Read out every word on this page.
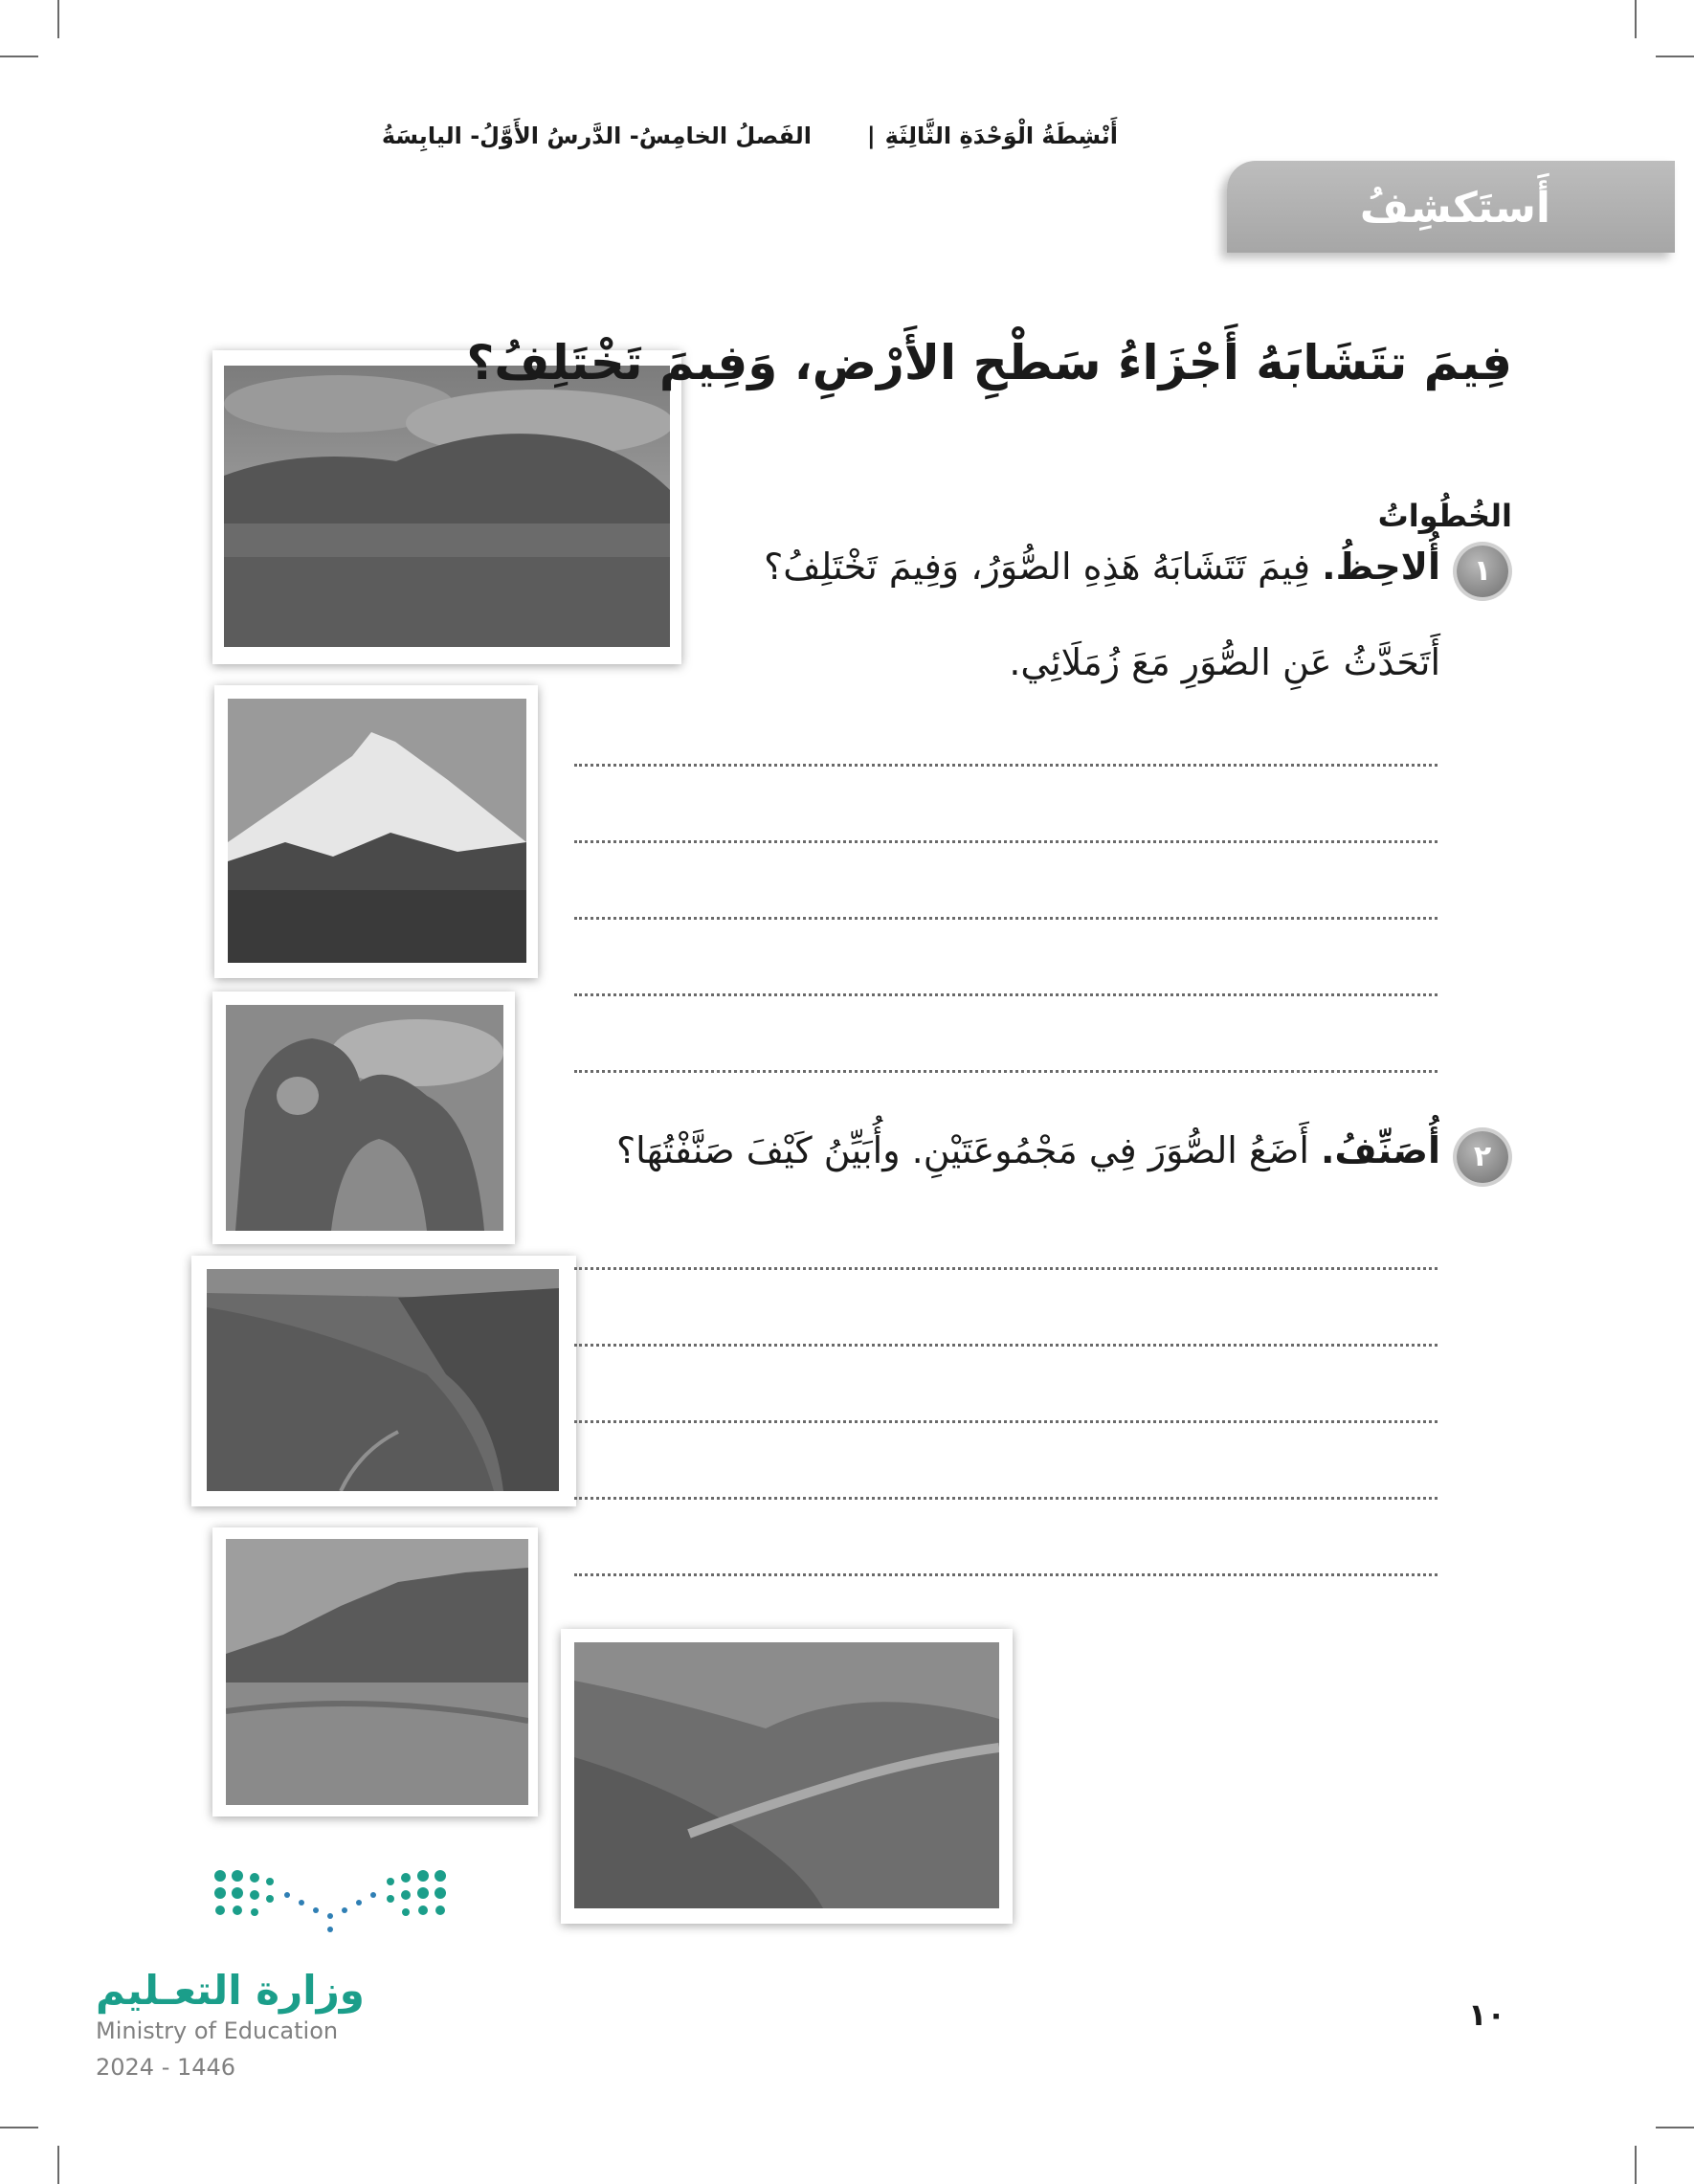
أَنْشِطَةُ الْوَحْدَةِ الثَّالِثَةِ|
الفَصلُ الخامِسُ- الدَّرسُ الأَوَّلُ- اليابِسَةُ
أَستَكشِفُ
فِيمَ تتَشَابَهُ أَجْزَاءُ سَطْحِ الأَرْضِ، وَفِيمَ تَخْتَلِفُ؟
الخُطُواتُ
١
أُلاحِظُ. فِيمَ تَتَشَابَهُ هَذِهِ الصُّوَرُ، وَفِيمَ تَخْتَلِفُ؟
أَتَحَدَّثُ عَنِ الصُّوَرِ مَعَ زُمَلَائِي.
٢
أُصَنِّفُ. أَضَعُ الصُّوَرَ فِي مَجْمُوعَتَيْنِ. وأُبَيِّنُ كَيْفَ صَنَّفْتُهَا؟
١٠
وزارة التعـليم
Ministry of Education
2024 - 1446
